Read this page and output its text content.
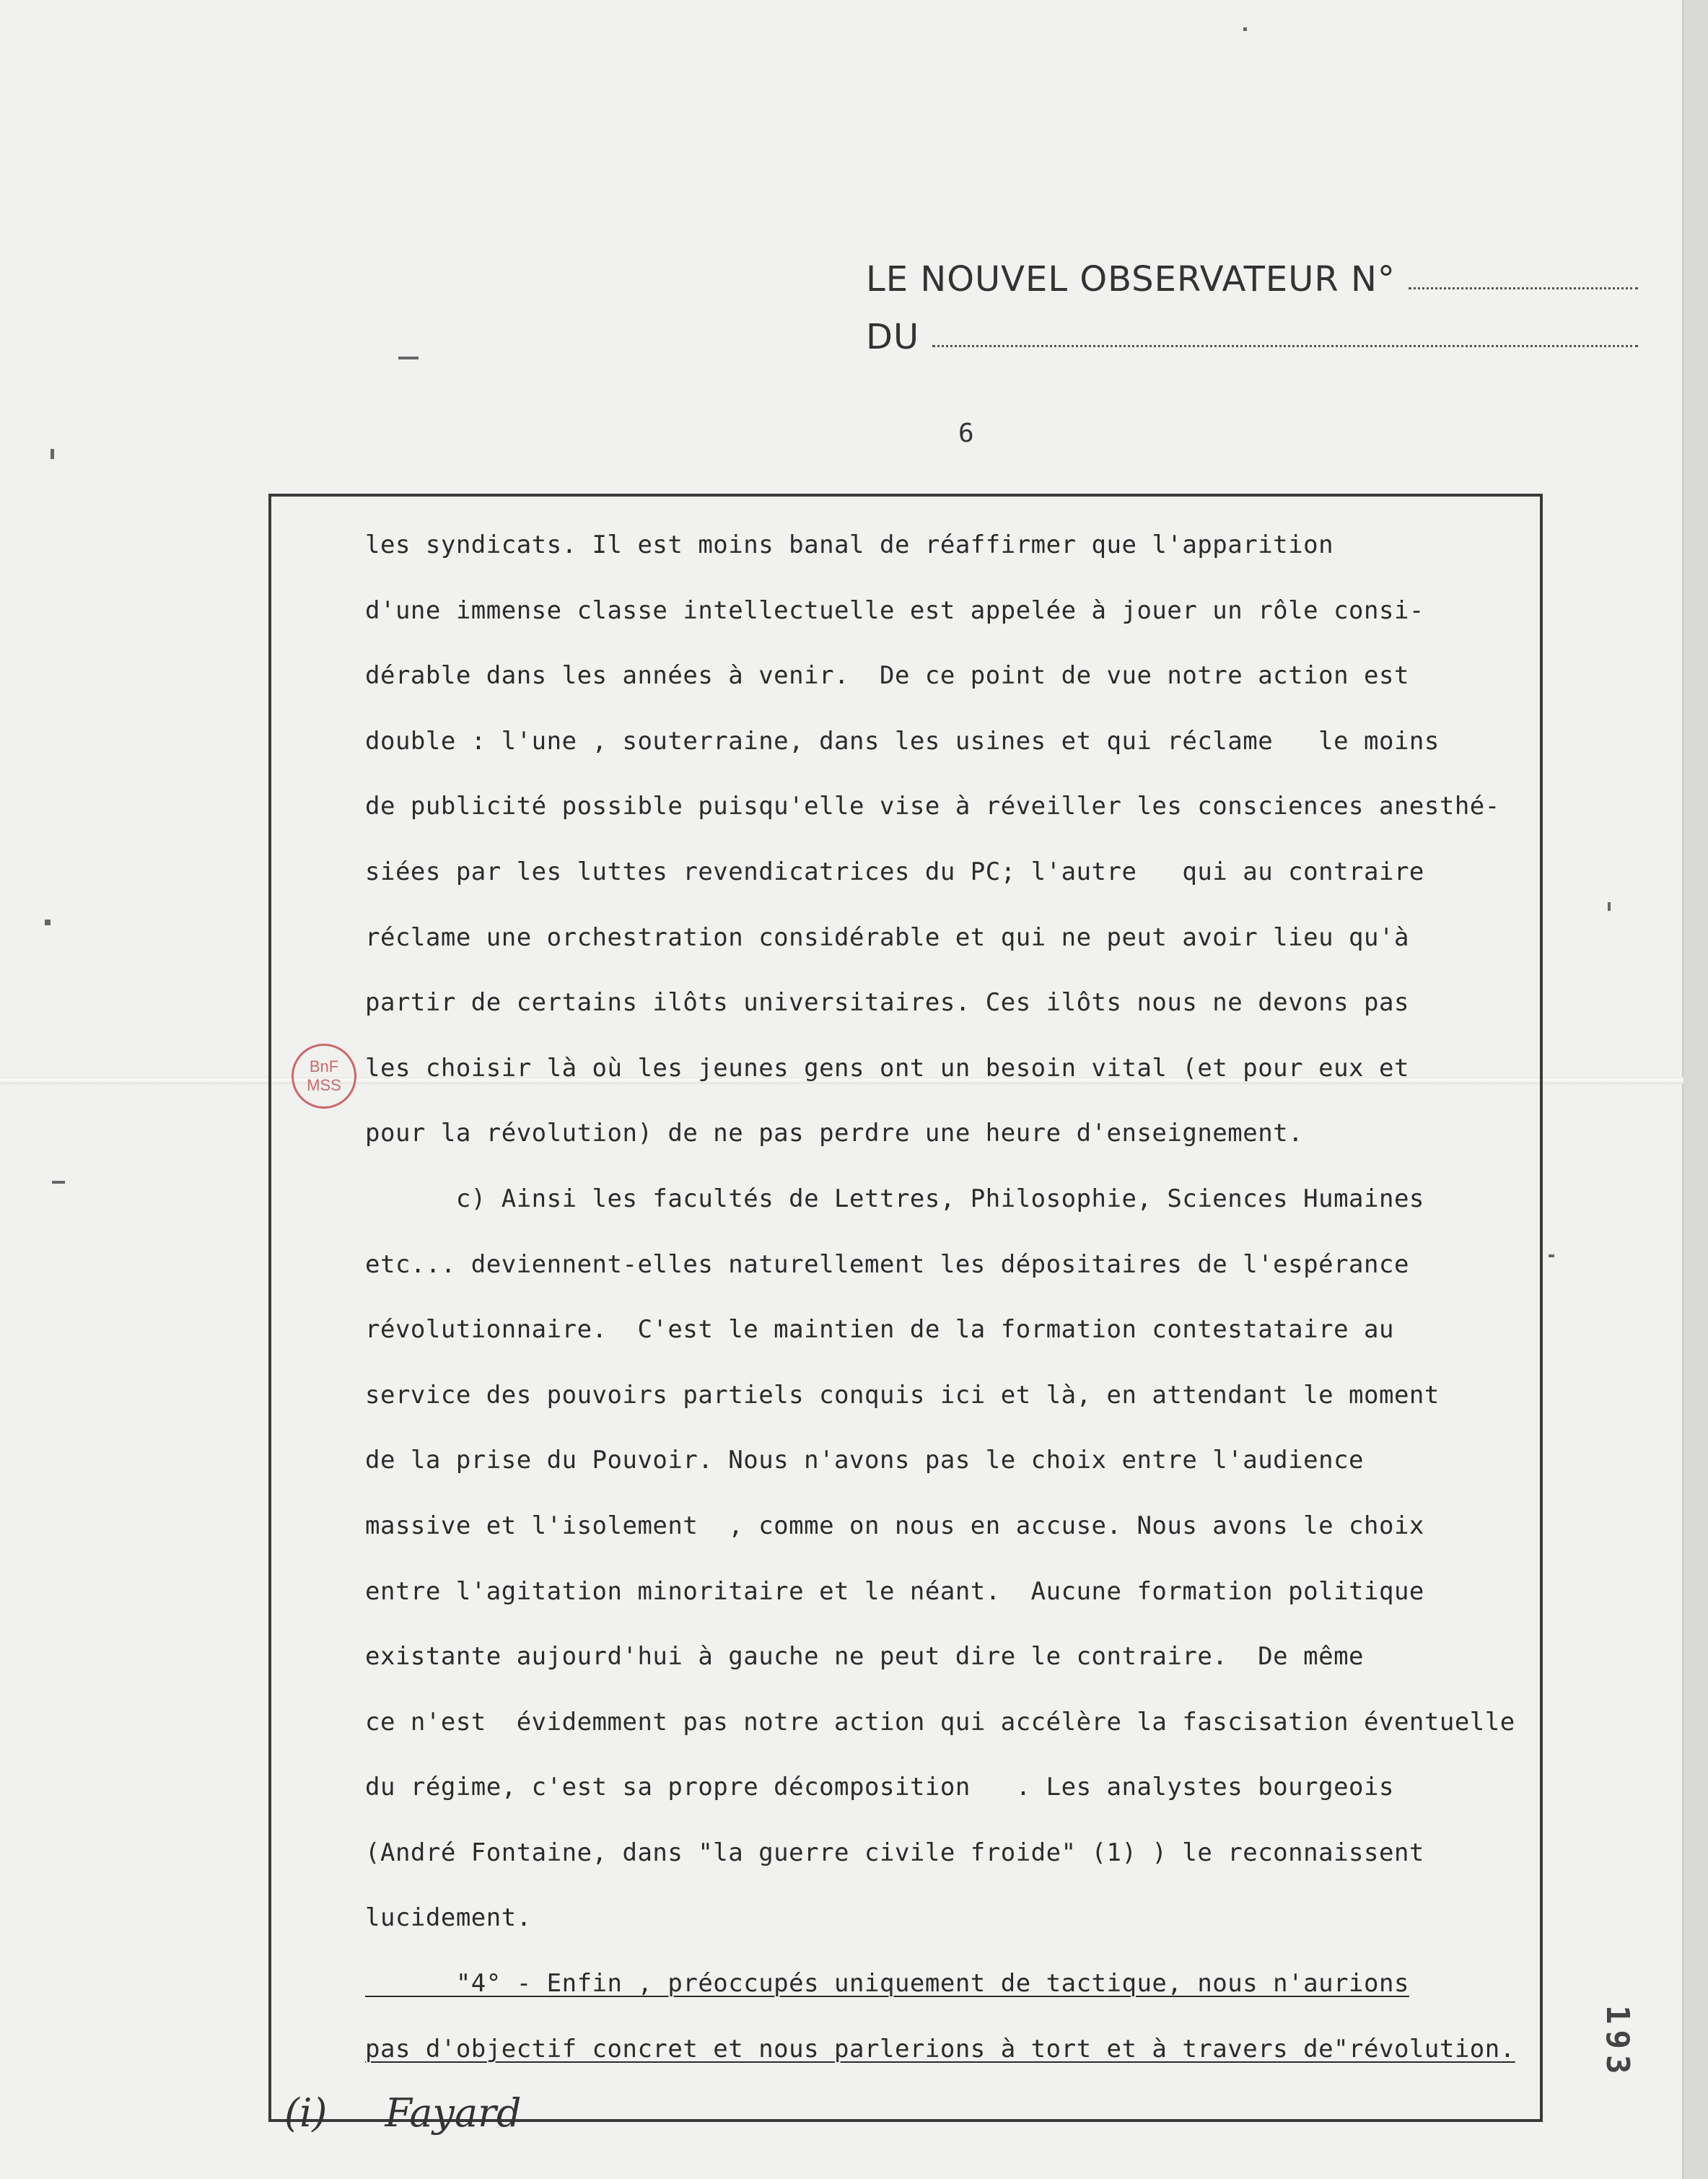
LE NOUVEL OBSERVATEUR N°
DU
6
BnF
MSS
les syndicats. Il est moins banal de réaffirmer que l'apparition
d'une immense classe intellectuelle est appelée à jouer un rôle consi-
dérable dans les années à venir.  De ce point de vue notre action est
double : l'une , souterraine, dans les usines et qui réclame   le moins
de publicité possible puisqu'elle vise à réveiller les consciences anesthé-
siées par les luttes revendicatrices du PC; l'autre   qui au contraire
réclame une orchestration considérable et qui ne peut avoir lieu qu'à
partir de certains ilôts universitaires. Ces ilôts nous ne devons pas
les choisir là où les jeunes gens ont un besoin vital (et pour eux et
pour la révolution) de ne pas perdre une heure d'enseignement.
c) Ainsi les facultés de Lettres, Philosophie, Sciences Humaines
etc... deviennent-elles naturellement les dépositaires de l'espérance
révolutionnaire.  C'est le maintien de la formation contestataire au
service des pouvoirs partiels conquis ici et là, en attendant le moment
de la prise du Pouvoir. Nous n'avons pas le choix entre l'audience
massive et l'isolement  , comme on nous en accuse. Nous avons le choix
entre l'agitation minoritaire et le néant.  Aucune formation politique
existante aujourd'hui à gauche ne peut dire le contraire.  De même
ce n'est  évidemment pas notre action qui accélère la fascisation éventuelle
du régime, c'est sa propre décomposition   . Les analystes bourgeois
(André Fontaine, dans "la guerre civile froide" (1) ) le reconnaissent
lucidement.
"4° - Enfin , préoccupés uniquement de tactique, nous n'aurions
pas d'objectif concret et nous parlerions à tort et à travers de"révolution.	193
(i) Fayard
